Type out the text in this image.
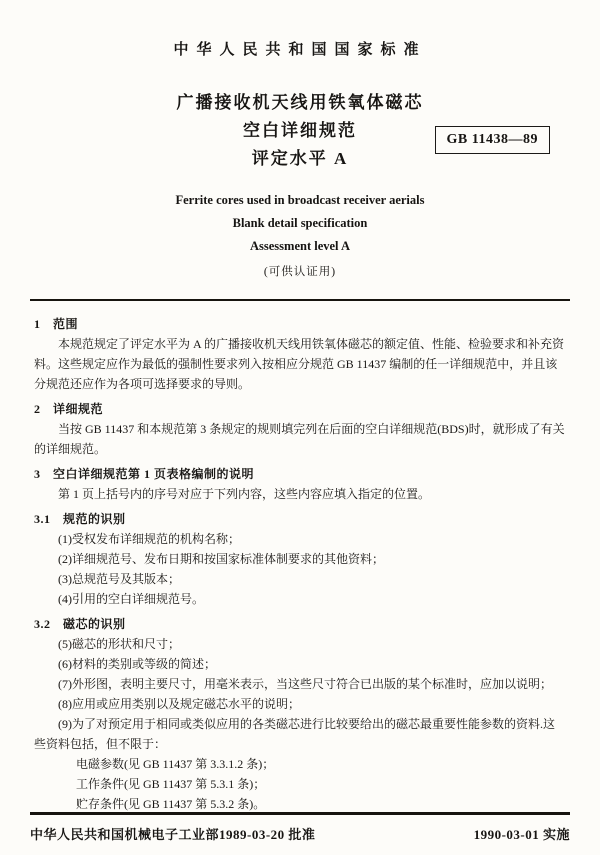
中华人民共和国国家标准
广播接收机天线用铁氧体磁芯
空白详细规范
评定水平 A
GB 11438—89
Ferrite cores used in broadcast receiver aerials
Blank detail specification
Assessment level A
(可供认证用)

1　范围

本规范规定了评定水平为 A 的广播接收机天线用铁氧体磁芯的额定值、性能、检验要求和补充资料。这些规定应作为最低的强制性要求列入按相应分规范 GB 11437 编制的任一详细规范中，并且该分规范还应作为各项可选择要求的导则。

2　详细规范

当按 GB 11437 和本规范第 3 条规定的规则填完列在后面的空白详细规范(BDS)时，就形成了有关的详细规范。

3　空白详细规范第 1 页表格编制的说明

第 1 页上括号内的序号对应于下列内容，这些内容应填入指定的位置。

3.1　规范的识别

(1)受权发布详细规范的机构名称；

(2)详细规范号、发布日期和按国家标准体制要求的其他资料；

(3)总规范号及其版本；

(4)引用的空白详细规范号。

3.2　磁芯的识别

(5)磁芯的形状和尺寸；

(6)材料的类别或等级的简述；

(7)外形图，表明主要尺寸，用毫米表示，当这些尺寸符合已出版的某个标准时，应加以说明；

(8)应用或应用类别以及规定磁芯水平的说明；

(9)为了对预定用于相同或类似应用的各类磁芯进行比较要给出的磁芯最重要性能参数的资料.这些资料包括，但不限于：

电磁参数(见 GB 11437 第 3.3.1.2 条)；

工作条件(见 GB 11437 第 5.3.1 条)；

贮存条件(见 GB 11437 第 5.3.2 条)。

中华人民共和国机械电子工业部1989-03-20 批准	1990-03-01 实施
